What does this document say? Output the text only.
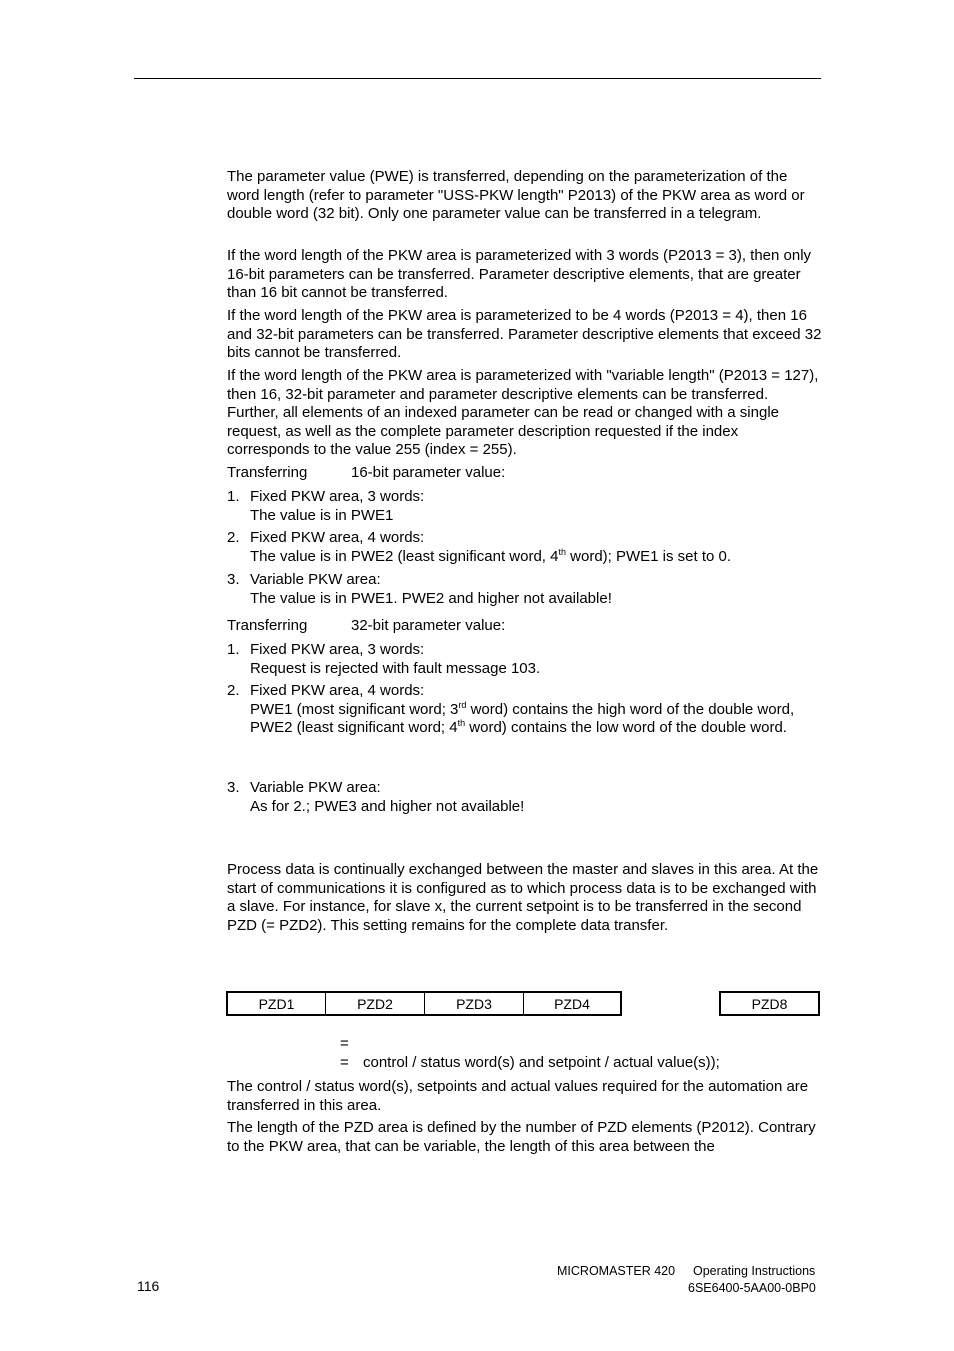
The parameter value (PWE) is transferred, depending on the parameterization of the word length (refer to parameter "USS-PKW length" P2013) of the PKW area as word or double word (32 bit). Only one parameter value can be transferred in a telegram.

If the word length of the PKW area is parameterized with 3 words (P2013 = 3), then only 16-bit parameters can be transferred. Parameter descriptive elements, that are greater than 16 bit cannot be transferred.

If the word length of the PKW area is parameterized to be 4 words (P2013 = 4), then 16 and 32-bit parameters can be transferred. Parameter descriptive elements that exceed 32 bits cannot be transferred.

If the word length of the PKW area is parameterized with "variable length" (P2013 = 127), then 16, 32-bit parameter and parameter descriptive elements can be transferred. Further, all elements of an indexed parameter can be read or changed with a single request, as well as the complete parameter description requested if the index corresponds to the value 255 (index = 255).

Transferring	16-bit parameter value:
1. Fixed PKW area, 3 words:
The value is in PWE1
2. Fixed PKW area, 4 words:
The value is in PWE2 (least significant word, 4th word); PWE1 is set to 0.
3. Variable PKW area:
The value is in PWE1. PWE2 and higher not available!
Transferring	32-bit parameter value:
1. Fixed PKW area, 3 words:
Request is rejected with fault message 103.
2. Fixed PKW area, 4 words:
PWE1 (most significant word; 3rd word) contains the high word of the double word,
PWE2 (least significant word; 4th word) contains the low word of the double word.
3. Variable PKW area:
As for 2.; PWE3 and higher not available!

Process data is continually exchanged between the master and slaves in this area. At the start of communications it is configured as to which process data is to be exchanged with a slave. For instance, for slave x, the current setpoint is to be transferred in the second PZD (= PZD2). This setting remains for the complete data transfer.

PZD1	PZD2	PZD3	PZD4	PZD8
=
= control / status word(s) and setpoint / actual value(s));

The control / status word(s), setpoints and actual values required for the automation are transferred in this area.

The length of the PZD area is defined by the number of PZD elements (P2012). Contrary to the PKW area, that can be variable, the length of this area between the

116
MICROMASTER 420 Operating Instructions
6SE6400-5AA00-0BP0
